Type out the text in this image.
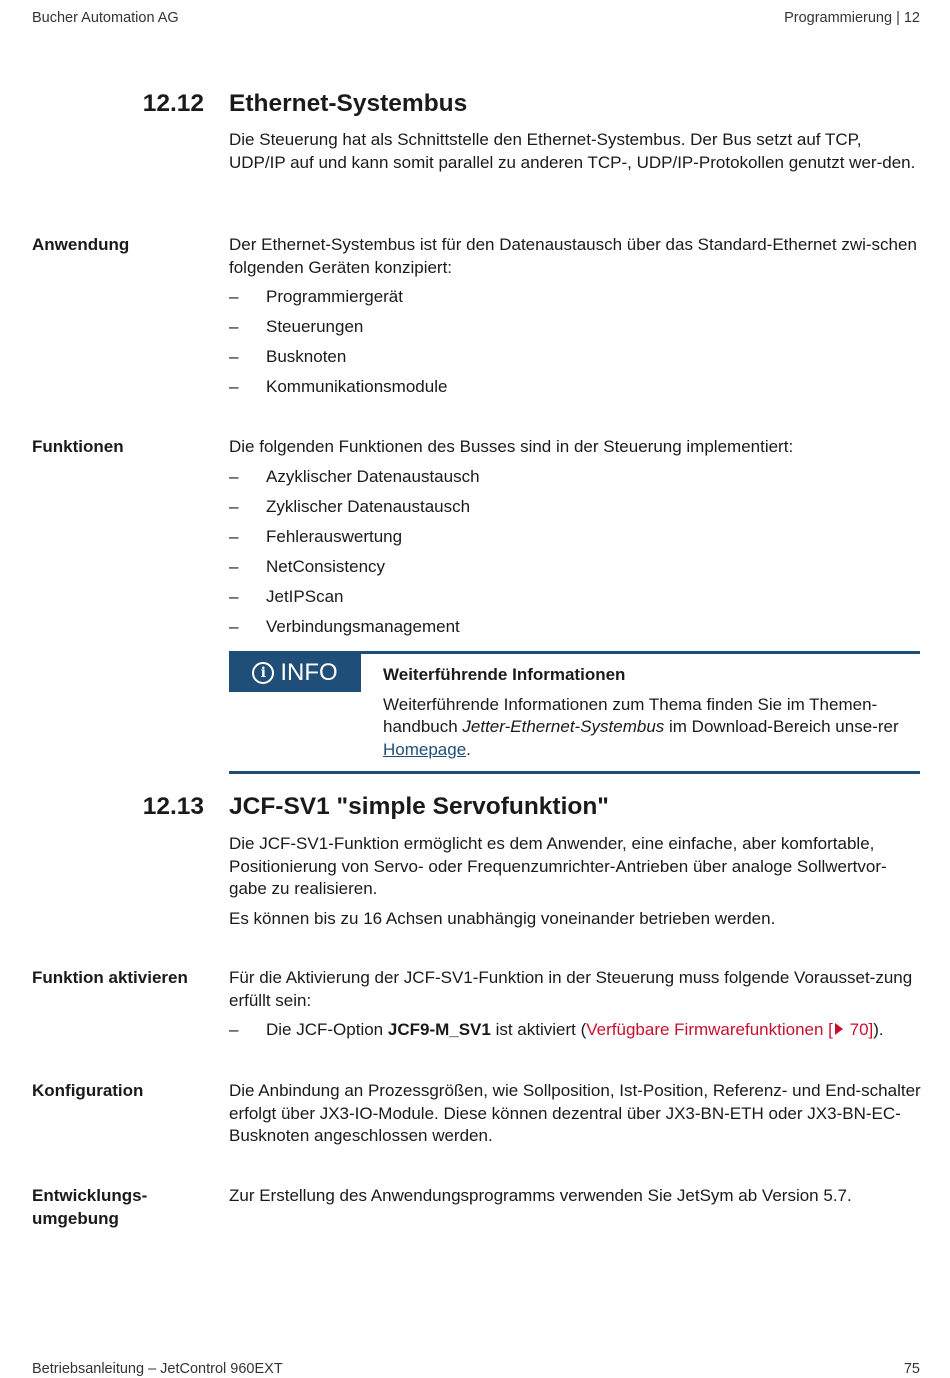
Bucher Automation AG	Programmierung | 12
Betriebsanleitung – JetControl 960EXT	75
12.12 Ethernet-Systembus

Die Steuerung hat als Schnittstelle den Ethernet-Systembus. Der Bus setzt auf TCP, UDP/IP auf und kann somit parallel zu anderen TCP-, UDP/IP-Protokollen genutzt wer-den.

Anwendung	Der Ethernet-Systembus ist für den Datenaustausch über das Standard-Ethernet zwi-schen folgenden Geräten konzipiert:

– Programmiergerät
– Steuerungen
– Busknoten
– Kommunikationsmodule
Funktionen	Die folgenden Funktionen des Busses sind in der Steuerung implementiert:

– Azyklischer Datenaustausch
– Zyklischer Datenaustausch
– Fehlerauswertung
– NetConsistency
– JetIPScan
– Verbindungsmanagement
i INFO	Weiterführende Informationen
Weiterführende Informationen zum Thema finden Sie im Themen-handbuch Jetter-Ethernet-Systembus im Download-Bereich unse-rer Homepage.
12.13 JCF-SV1 "simple Servofunktion"

Die JCF-SV1-Funktion ermöglicht es dem Anwender, eine einfache, aber komfortable, Positionierung von Servo- oder Frequenzumrichter-Antrieben über analoge Sollwertvor-gabe zu realisieren.

Es können bis zu 16 Achsen unabhängig voneinander betrieben werden.

Funktion aktivieren	Für die Aktivierung der JCF-SV1-Funktion in der Steuerung muss folgende Vorausset-zung erfüllt sein:

– Die JCF-Option JCF9-M_SV1 ist aktiviert (Verfügbare Firmwarefunktionen [ 70]).
Konfiguration	Die Anbindung an Prozessgrößen, wie Sollposition, Ist-Position, Referenz- und End-schalter erfolgt über JX3-IO-Module. Diese können dezentral über JX3-BN-ETH oder JX3-BN-EC-Busknoten angeschlossen werden.

Entwicklungs-
umgebung

Zur Erstellung des Anwendungsprogramms verwenden Sie JetSym ab Version 5.7.
